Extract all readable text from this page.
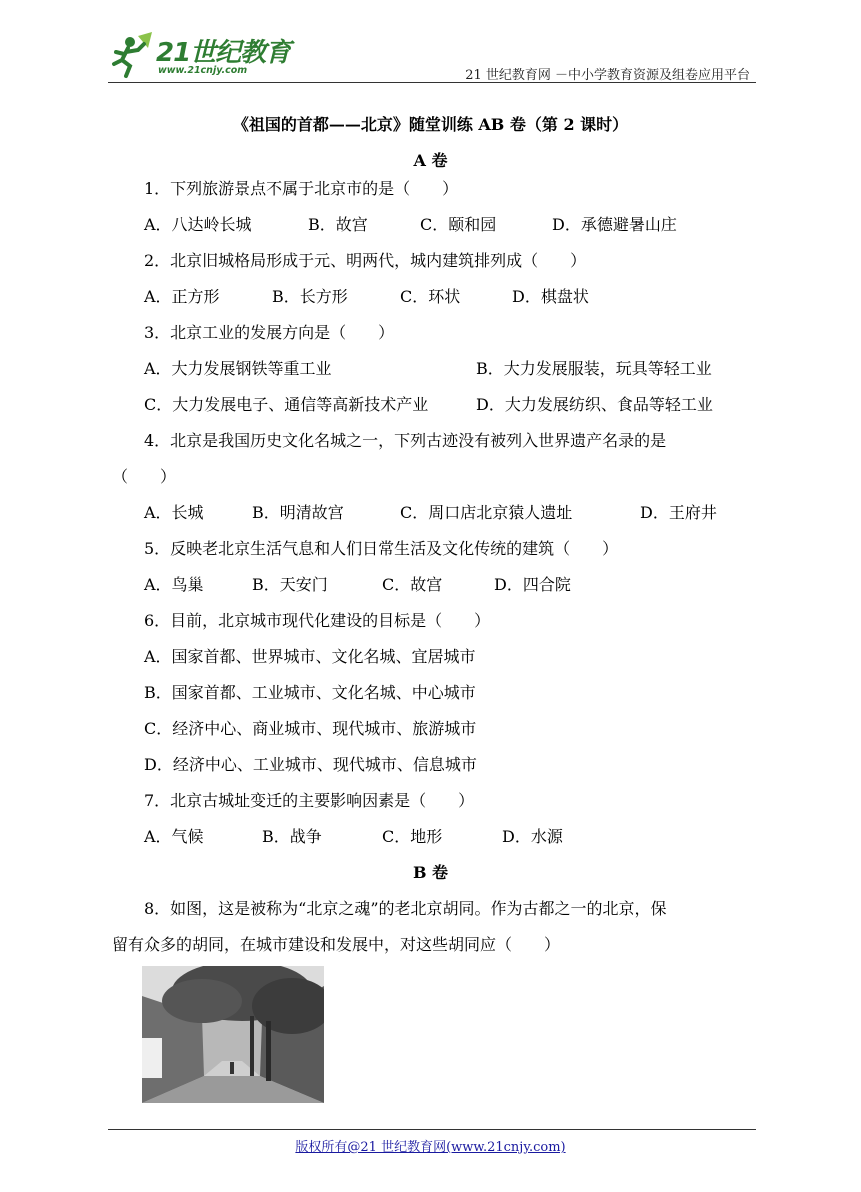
21世纪教育
www.21cnjy.com	21 世纪教育网 －中小学教育资源及组卷应用平台
《祖国的首都——北京》随堂训练 AB 卷（第 2 课时）
A 卷
1．下列旅游景点不属于北京市的是（　　）
A．八达岭长城	B．故宫	C．颐和园	D．承德避暑山庄
2．北京旧城格局形成于元、明两代，城内建筑排列成（　　）
A．正方形	B．长方形	C．环状	D．棋盘状
3．北京工业的发展方向是（　　）
A．大力发展钢铁等重工业	B．大力发展服装，玩具等轻工业
C．大力发展电子、通信等高新技术产业	D．大力发展纺织、食品等轻工业
4．北京是我国历史文化名城之一，下列古迹没有被列入世界遗产名录的是
（　　）
A．长城	B．明清故宫	C．周口店北京猿人遗址	D．王府井
5．反映老北京生活气息和人们日常生活及文化传统的建筑（　　）
A．鸟巢	B．天安门	C．故宫	D．四合院
6．目前，北京城市现代化建设的目标是（　　）
A．国家首都、世界城市、文化名城、宜居城市
B．国家首都、工业城市、文化名城、中心城市
C．经济中心、商业城市、现代城市、旅游城市
D．经济中心、工业城市、现代城市、信息城市
7．北京古城址变迁的主要影响因素是（　　）
A．气候	B．战争	C．地形	D．水源
B 卷
8．如图，这是被称为“北京之魂”的老北京胡同。作为古都之一的北京，保
留有众多的胡同，在城市建设和发展中，对这些胡同应（　　）
版权所有@21 世纪教育网(www.21cnjy.com)
